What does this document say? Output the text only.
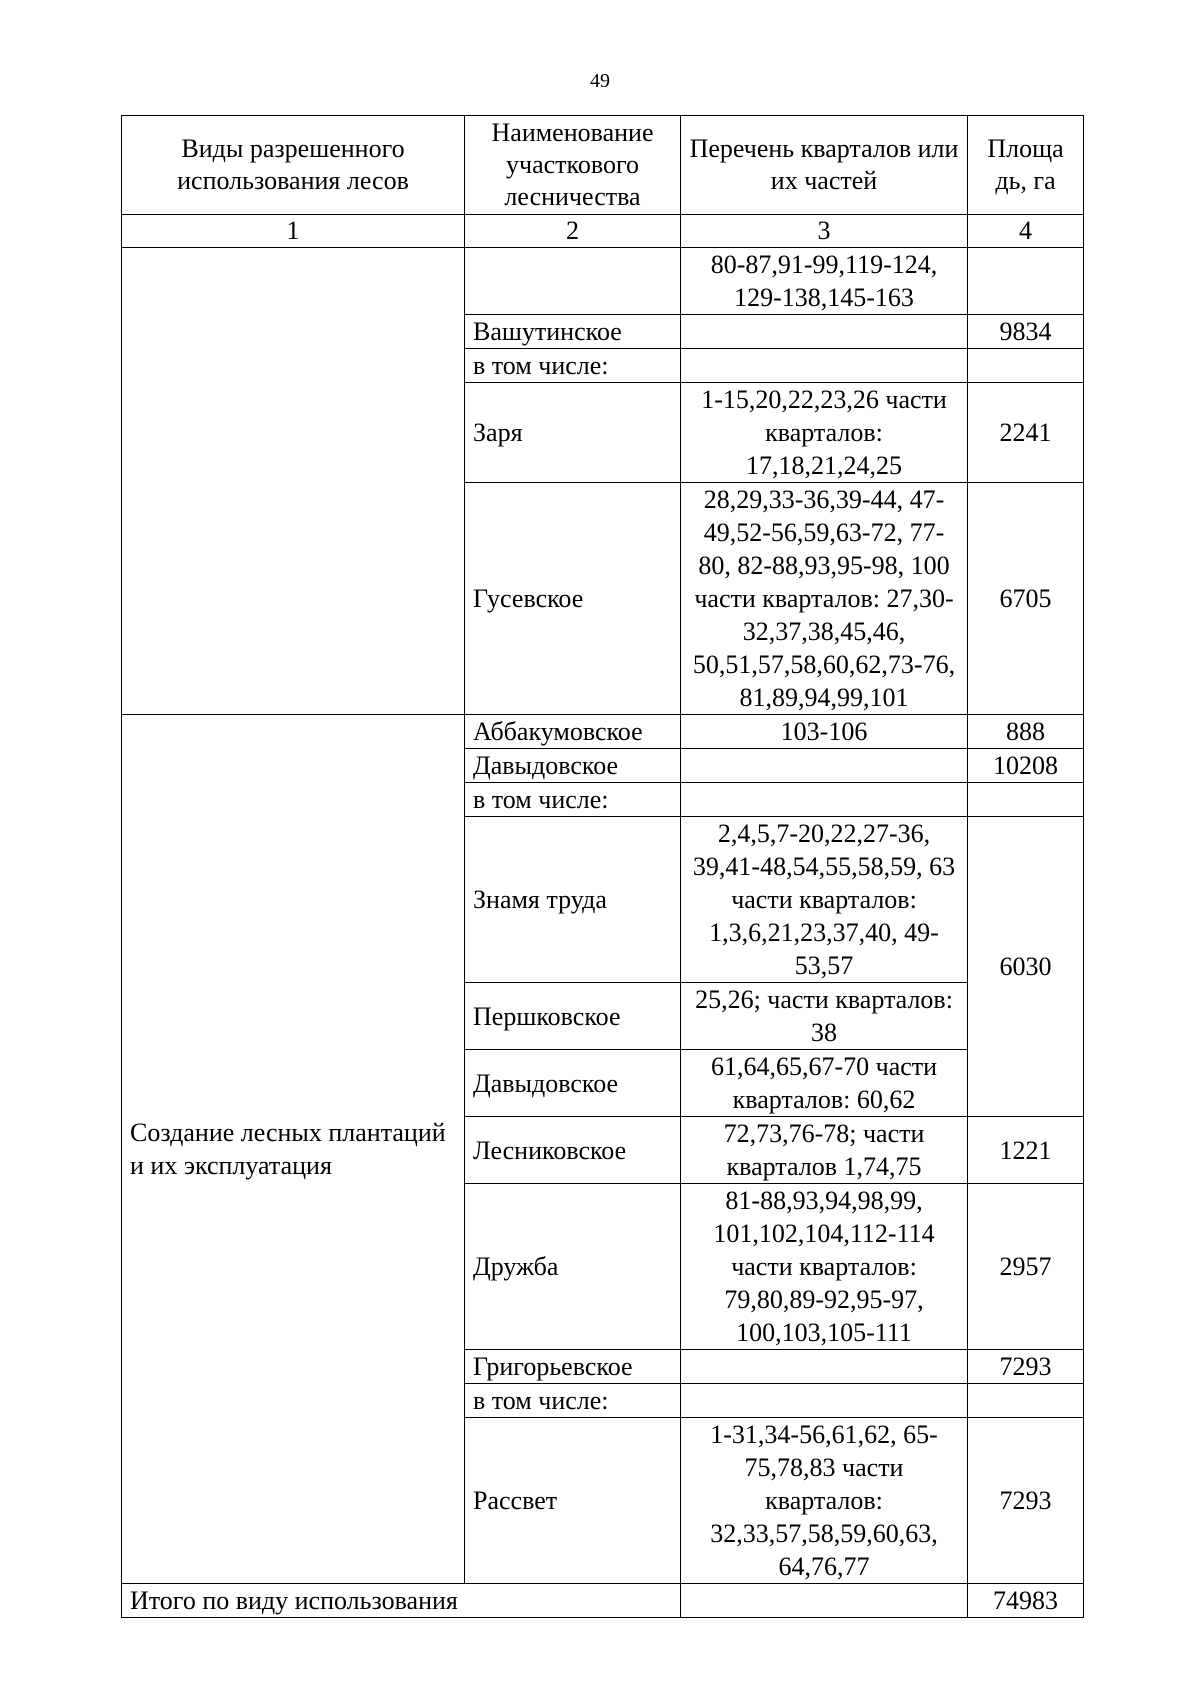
49
Виды разрешенного использования лесов	Наименование участкового лесничества	Перечень кварталов или их частей	Площа дь, га
1	2	3	4
		80-87,91-99,119-124, 129-138,145-163	
	Вашутинское		9834
	в том числе:		
	Заря	1-15,20,22,23,26 части кварталов: 17,18,21,24,25	2241
	Гусевское	28,29,33-36,39-44, 47-49,52-56,59,63-72, 77-80, 82-88,93,95-98, 100 части кварталов: 27,30-32,37,38,45,46, 50,51,57,58,60,62,73-76, 81,89,94,99,101	6705
Создание лесных плантаций и их эксплуатация	Аббакумовское	103-106	888
	Давыдовское		10208
	в том числе:		
	Знамя труда	2,4,5,7-20,22,27-36, 39,41-48,54,55,58,59, 63 части кварталов: 1,3,6,21,23,37,40, 49-53,57	6030
	Першковское	25,26; части кварталов: 38	
	Давыдовское	61,64,65,67-70 части кварталов: 60,62	
	Лесниковское	72,73,76-78; части кварталов 1,74,75	1221
	Дружба	81-88,93,94,98,99, 101,102,104,112-114 части кварталов: 79,80,89-92,95-97, 100,103,105-111	2957
	Григорьевское		7293
	в том числе:		
	Рассвет	1-31,34-56,61,62, 65-75,78,83 части кварталов: 32,33,57,58,59,60,63, 64,76,77	7293
Итого по виду использования			74983
